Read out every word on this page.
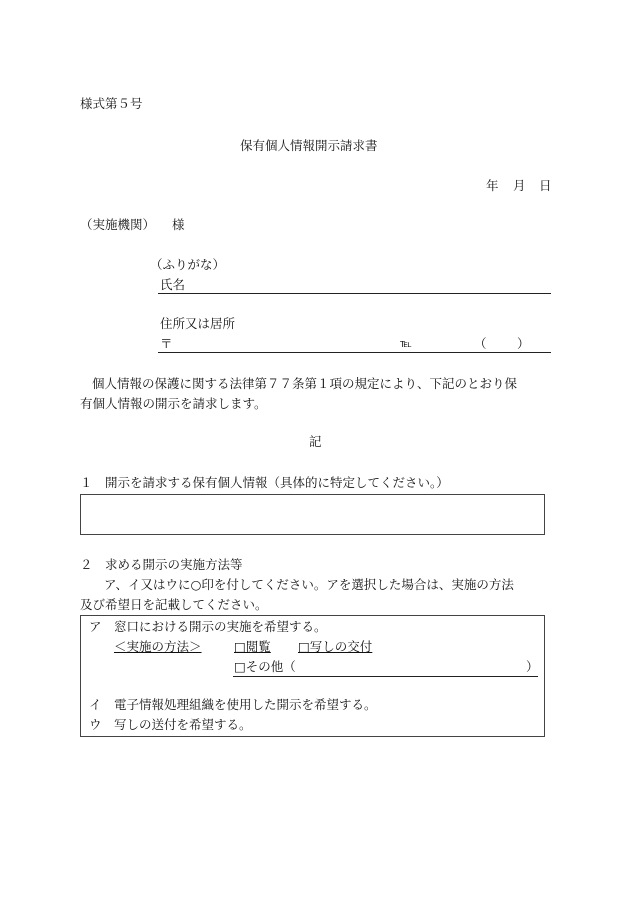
様式第５号
保有個人情報開示請求書
年 月 日
（実施機関） 様
（ふりがな）
氏名
住所又は居所
〒	℡	（ ）
個人情報の保護に関する法律第７７条第１項の規定により、下記のとおり保
有個人情報の開示を請求します。
記
１　開示を請求する保有個人情報（具体的に特定してください。）
２　求める開示の実施方法等
ア、イ又はウに○印を付してください。アを選択した場合は、実施の方法
及び希望日を記載してください。
ア 窓口における開示の実施を希望する。
＜実施の方法＞	□閲覧 □写しの交付
□その他（	）
イ 電子情報処理組織を使用した開示を希望する。
ウ 写しの送付を希望する。
